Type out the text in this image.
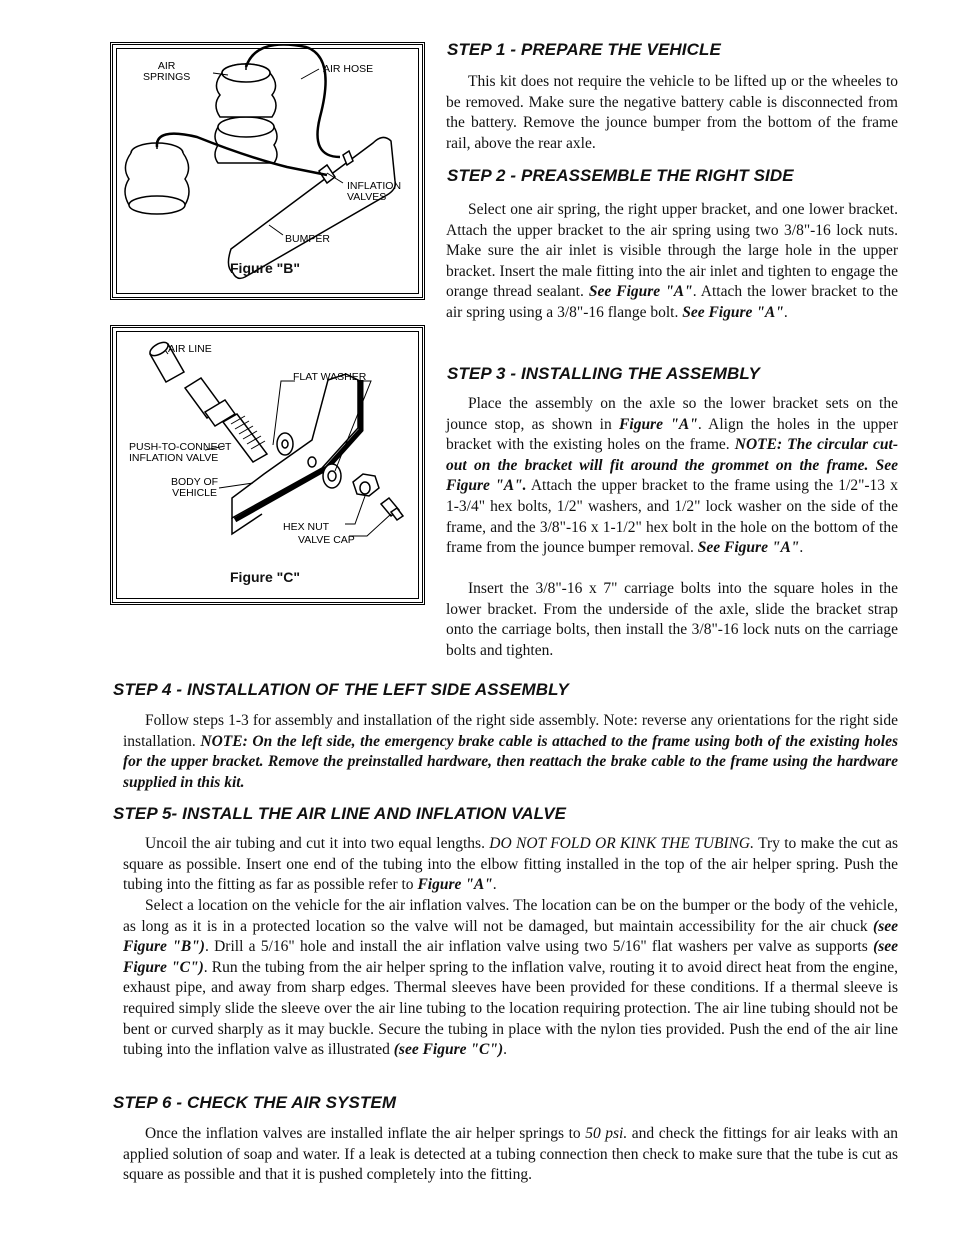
AIR
SPRINGS
AIR HOSE
INFLATION
VALVES
BUMPER
Figure "B"
AIR LINE
FLAT WASHER
PUSH-TO-CONNECT
INFLATION VALVE
BODY OF
VEHICLE
HEX NUT
VALVE CAP
Figure "C"
STEP 1 - PREPARE THE VEHICLE

This kit does not require the vehicle to be lifted up or the wheeles to be removed. Make sure the negative battery cable is disconnected from the battery. Remove the jounce bumper from the bottom of the frame rail, above the rear axle.

STEP 2 - PREASSEMBLE THE RIGHT SIDE

Select one air spring, the right upper bracket, and one lower bracket. Attach the upper bracket to the air spring using two 3/8"-16 lock nuts. Make sure the air inlet is visible through the large hole in the upper bracket. Insert the male fitting into the air inlet and tighten to engage the orange thread sealant. See Figure "A". Attach the lower bracket to the air spring using a 3/8"-16 flange bolt. See Figure "A".

STEP 3 - INSTALLING THE ASSEMBLY

Place the assembly on the axle so the lower bracket sets on the jounce stop, as shown in Figure "A". Align the holes in the upper bracket with the existing holes on the frame. NOTE: The circular cut-out on the bracket will fit around the grommet on the frame. See Figure "A". Attach the upper bracket to the frame using the 1/2"-13 x 1-3/4" hex bolts, 1/2" washers, and 1/2" lock washer on the side of the frame, and the 3/8"-16 x 1-1/2" hex bolt in the hole on the bottom of the frame from the jounce bumper removal. See Figure "A".

Insert the 3/8"-16 x 7" carriage bolts into the square holes in the lower bracket. From the underside of the axle, slide the bracket strap onto the carriage bolts, then install the 3/8"-16 lock nuts on the carriage bolts and tighten.

STEP 4 - INSTALLATION OF THE LEFT SIDE ASSEMBLY

Follow steps 1-3 for assembly and installation of the right side assembly. Note: reverse any orientations for the right side installation. NOTE: On the left side, the emergency brake cable is attached to the frame using both of the existing holes for the upper bracket. Remove the preinstalled hardware, then reattach the brake cable to the frame using the hardware supplied in this kit.

STEP 5- INSTALL THE AIR LINE AND INFLATION VALVE

Uncoil the air tubing and cut it into two equal lengths. DO NOT FOLD OR KINK THE TUBING. Try to make the cut as square as possible. Insert one end of the tubing into the elbow fitting installed in the top of the air helper spring. Push the tubing into the fitting as far as possible refer to Figure "A".

Select a location on the vehicle for the air inflation valves. The location can be on the bumper or the body of the vehicle, as long as it is in a protected location so the valve will not be damaged, but maintain accessibility for the air chuck (see Figure "B"). Drill a 5/16" hole and install the air inflation valve using two 5/16" flat washers per valve as supports (see Figure "C"). Run the tubing from the air helper spring to the inflation valve, routing it to avoid direct heat from the engine, exhaust pipe, and away from sharp edges. Thermal sleeves have been provided for these conditions. If a thermal sleeve is required simply slide the sleeve over the air line tubing to the location requiring protection. The air line tubing should not be bent or curved sharply as it may buckle. Secure the tubing in place with the nylon ties provided. Push the end of the air line tubing into the inflation valve as illustrated (see Figure "C").

STEP 6 - CHECK THE AIR SYSTEM

Once the inflation valves are installed inflate the air helper springs to 50 psi. and check the fittings for air leaks with an applied solution of soap and water. If a leak is detected at a tubing connection then check to make sure that the tube is cut as square as possible and that it is pushed completely into the fitting.
